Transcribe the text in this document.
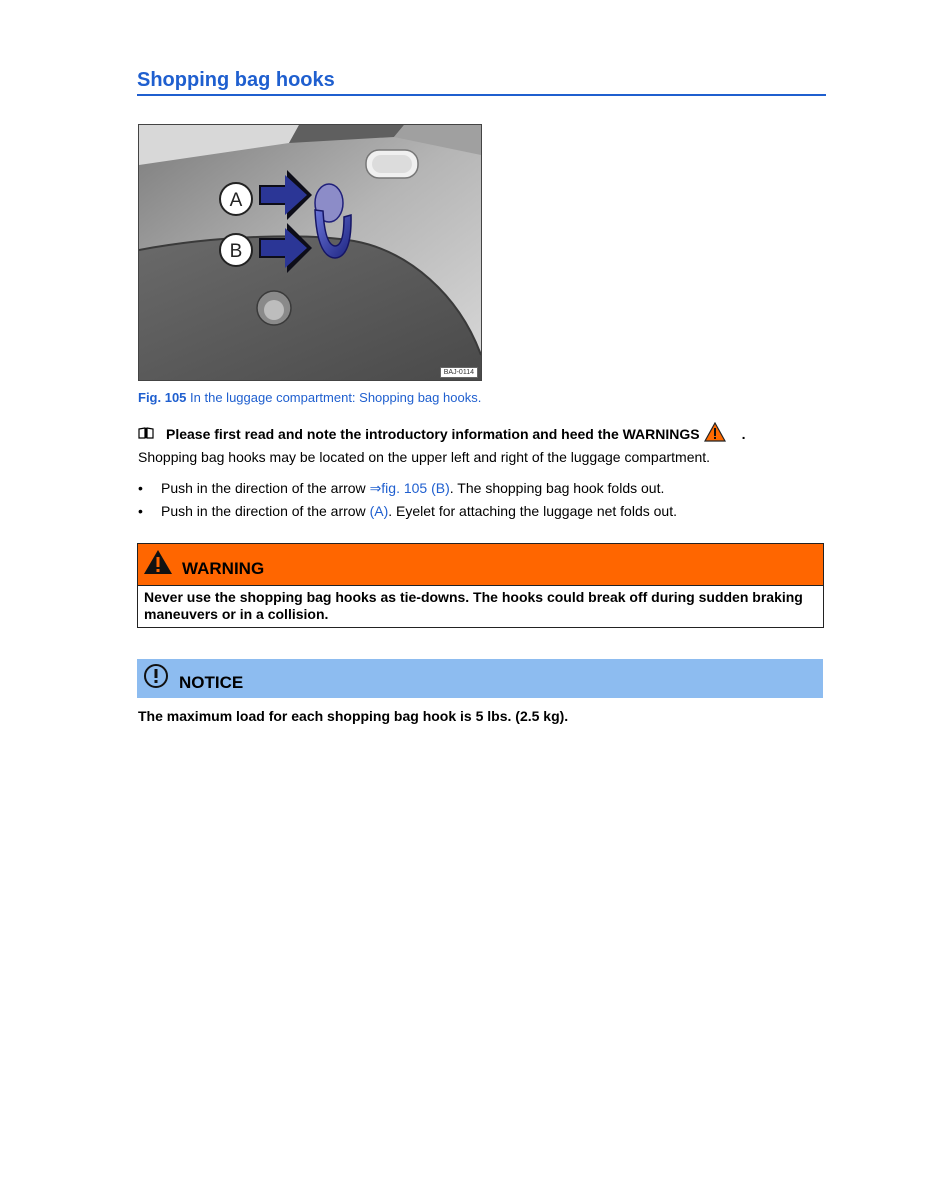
Shopping bag hooks
A
B
BAJ-0114
Fig. 105 In the luggage compartment: Shopping bag hooks.
Please first read and note the introductory information and heed the WARNINGS	.
Shopping bag hooks may be located on the upper left and right of the luggage compartment.
• Push in the direction of the arrow ⇒fig. 105 (B). The shopping bag hook folds out.
• Push in the direction of the arrow (A). Eyelet for attaching the luggage net folds out.
WARNING
Never use the shopping bag hooks as tie-downs. The hooks could break off during sudden braking maneuvers or in a collision.
NOTICE
The maximum load for each shopping bag hook is 5 lbs. (2.5 kg).
